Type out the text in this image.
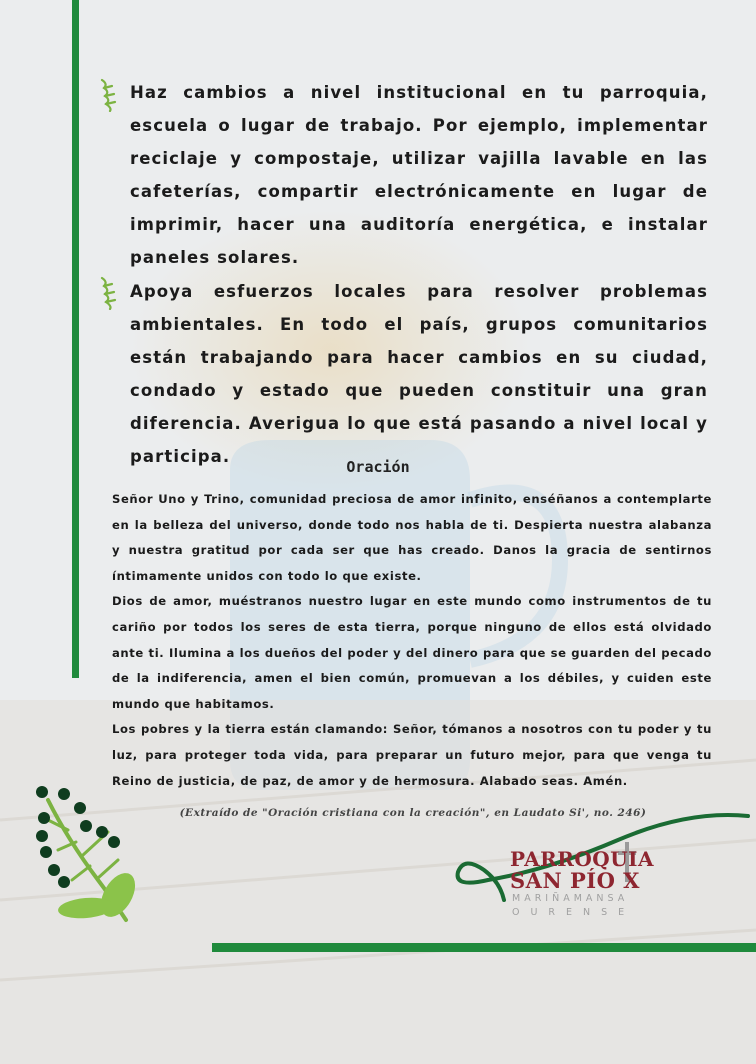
Haz cambios a nivel institucional en tu parroquia, escuela o lugar de trabajo. Por ejemplo, implementar reciclaje y compostaje, utilizar vajilla lavable en las cafeterías, compartir electrónicamente en lugar de imprimir, hacer una auditoría energética, e instalar paneles solares.
Apoya esfuerzos locales para resolver problemas ambientales. En todo el país, grupos comunitarios están trabajando para hacer cambios en su ciudad, condado y estado que pueden constituir una gran diferencia. Averigua lo que está pasando a nivel local y participa.
Oración

Señor Uno y Trino, comunidad preciosa de amor infinito, enséñanos a contemplarte en la belleza del universo, donde todo nos habla de ti. Despierta nuestra alabanza y nuestra gratitud por cada ser que has creado. Danos la gracia de sentirnos íntimamente unidos con todo lo que existe.

Dios de amor, muéstranos nuestro lugar en este mundo como instrumentos de tu cariño por todos los seres de esta tierra, porque ninguno de ellos está olvidado ante ti. Ilumina a los dueños del poder y del dinero para que se guarden del pecado de la indiferencia, amen el bien común, promuevan a los débiles, y cuiden este mundo que habitamos.

Los pobres y la tierra están clamando: Señor, tómanos a nosotros con tu poder y tu luz, para proteger toda vida, para preparar un futuro mejor, para que venga tu Reino de justicia, de paz, de amor y de hermosura. Alabado seas. Amén.

(Extraído de "Oración cristiana con la creación", en Laudato Si', no. 246)
PARROQUIA
SAN PÍO X
MARIÑAMANSA
OURENSE
